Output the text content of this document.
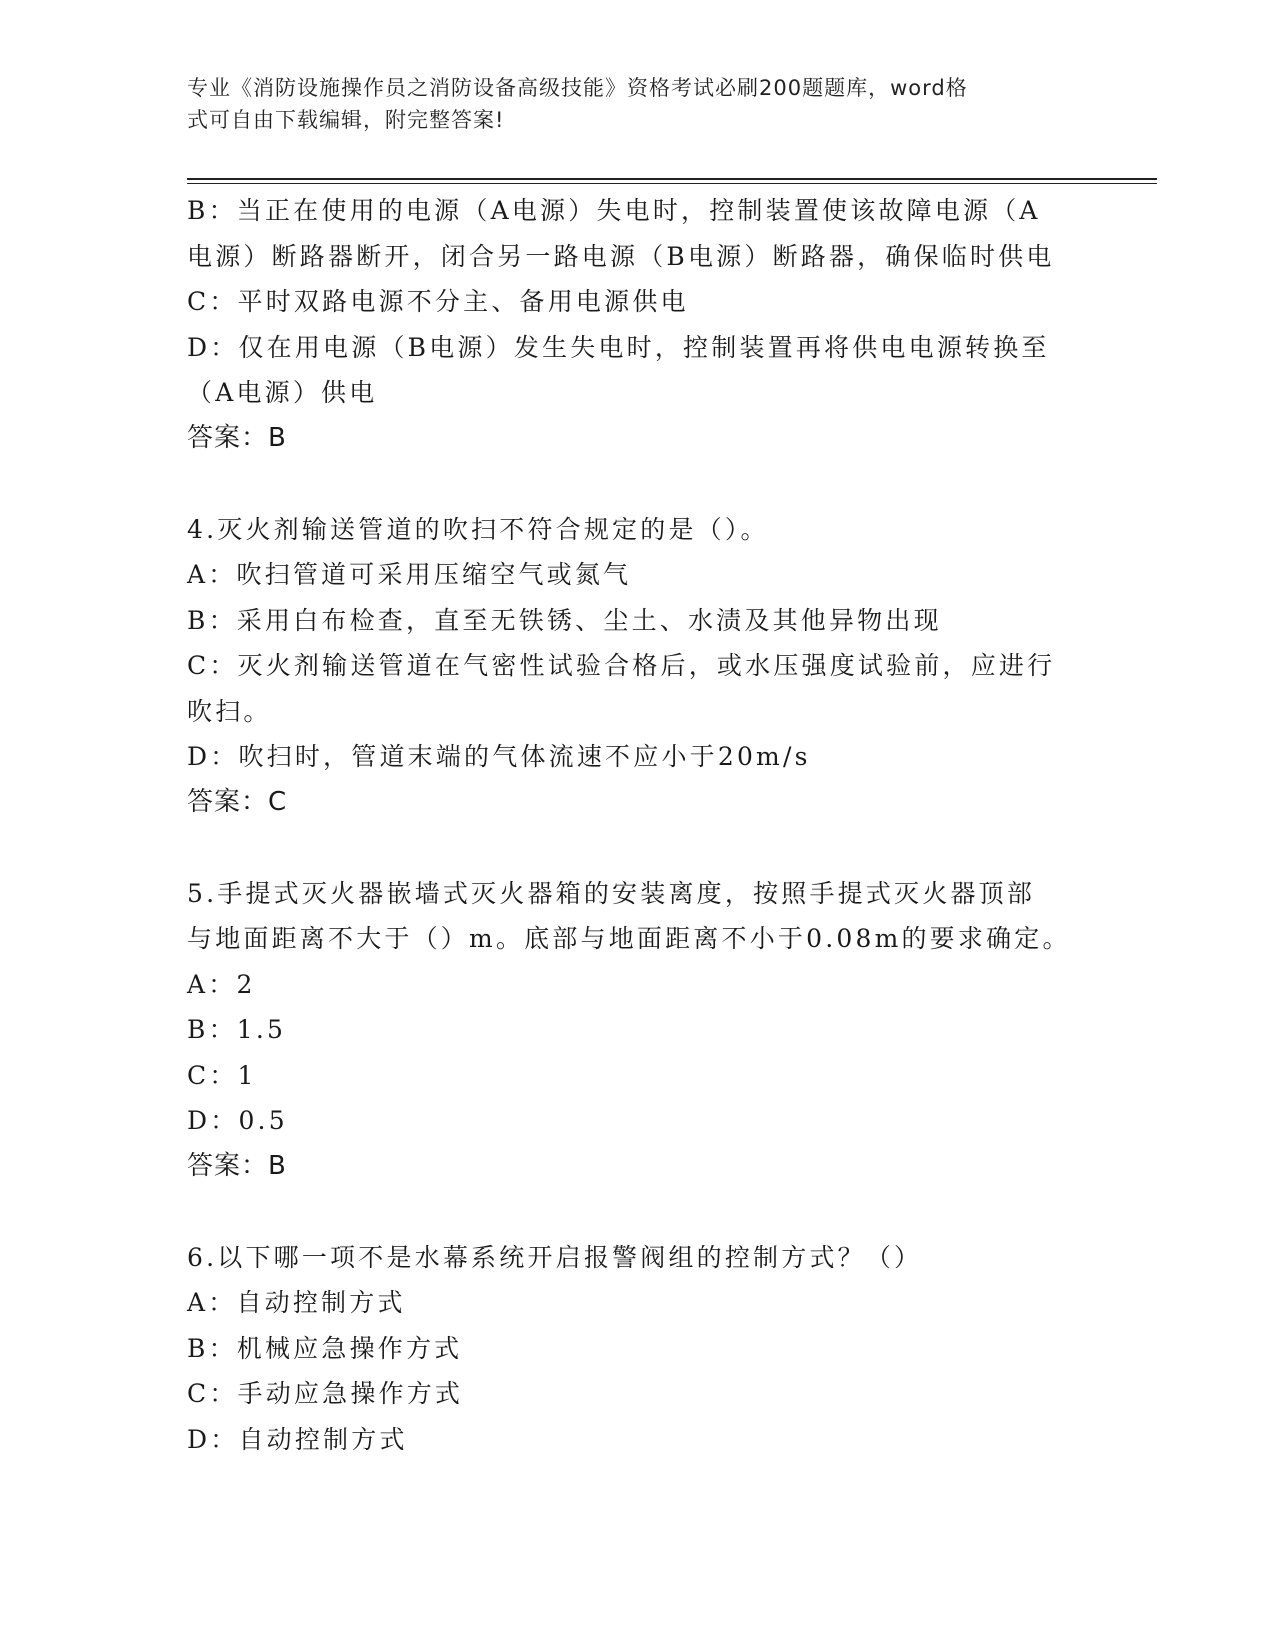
专业《消防设施操作员之消防设备高级技能》资格考试必刷200题题库，word格
式可自由下载编辑，附完整答案!
B：当正在使用的电源（A电源）失电时，控制装置使该故障电源（A
电源）断路器断开，闭合另一路电源（B电源）断路器，确保临时供电
C：平时双路电源不分主、备用电源供电
D：仅在用电源（B电源）发生失电时，控制装置再将供电电源转换至
（A电源）供电
答案：B
4.灭火剂输送管道的吹扫不符合规定的是（）。
A：吹扫管道可采用压缩空气或氮气
B：采用白布检查，直至无铁锈、尘土、水渍及其他异物出现
C：灭火剂输送管道在气密性试验合格后，或水压强度试验前，应进行
吹扫。
D：吹扫时，管道末端的气体流速不应小于20m/s
答案：C
5.手提式灭火器嵌墙式灭火器箱的安装离度，按照手提式灭火器顶部
与地面距离不大于（）m。底部与地面距离不小于0.08m的要求确定。
A：2
B：1.5
C：1
D：0.5
答案：B
6.以下哪一项不是水幕系统开启报警阀组的控制方式？（）
A：自动控制方式
B：机械应急操作方式
C：手动应急操作方式
D：自动控制方式
